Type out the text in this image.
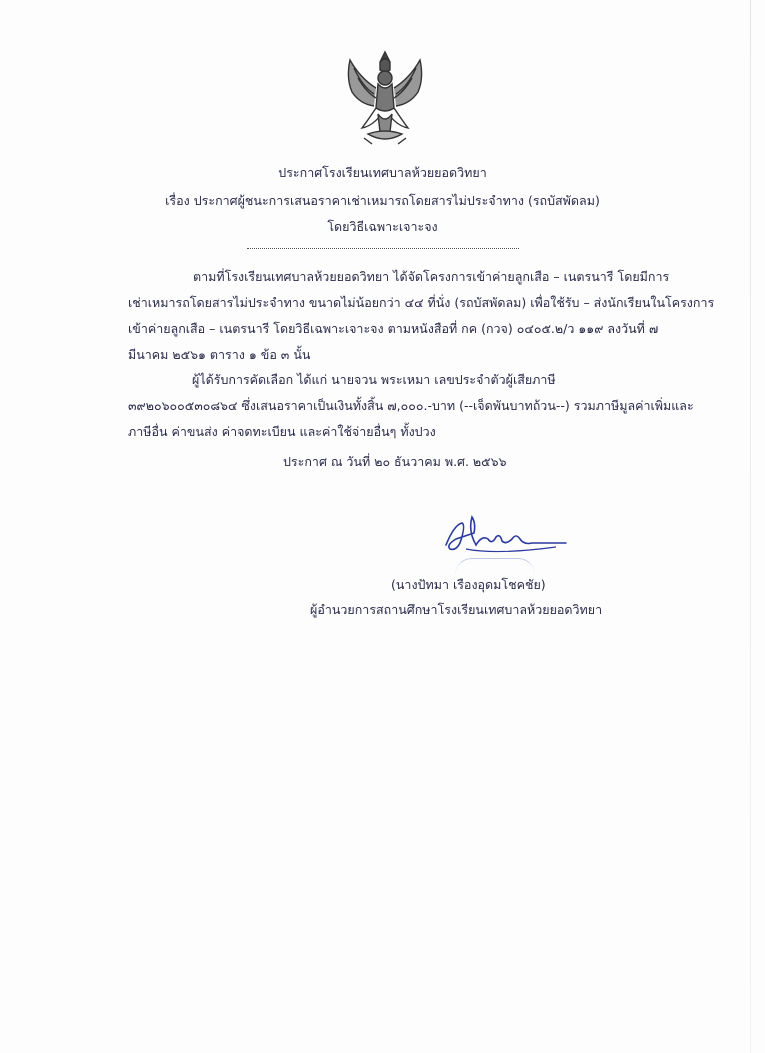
ประกาศโรงเรียนเทศบาลห้วยยอดวิทยา
เรื่อง ประกาศผู้ชนะการเสนอราคาเช่าเหมารถโดยสารไม่ประจำทาง (รถบัสพัดลม)
โดยวิธีเฉพาะเจาะจง
ตามที่โรงเรียนเทศบาลห้วยยอดวิทยา ได้จัดโครงการเข้าค่ายลูกเสือ – เนตรนารี โดยมีการ
เช่าเหมารถโดยสารไม่ประจำทาง ขนาดไม่น้อยกว่า ๔๔ ที่นั่ง (รถบัสพัดลม) เพื่อใช้รับ – ส่งนักเรียนในโครงการ
เข้าค่ายลูกเสือ – เนตรนารี โดยวิธีเฉพาะเจาะจง ตามหนังสือที่ กค (กวจ) ๐๔๐๕.๒/ว ๑๑๙ ลงวันที่ ๗
มีนาคม ๒๕๖๑ ตาราง ๑ ข้อ ๓ นั้น
ผู้ได้รับการคัดเลือก ได้แก่ นายจวน พระเหมา เลขประจำตัวผู้เสียภาษี
๓๙๒๐๖๐๐๕๓๐๘๖๔ ซึ่งเสนอราคาเป็นเงินทั้งสิ้น ๗,๐๐๐.-บาท (--เจ็ดพันบาทถ้วน--) รวมภาษีมูลค่าเพิ่มและ
ภาษีอื่น ค่าขนส่ง ค่าจดทะเบียน และค่าใช้จ่ายอื่นๆ ทั้งปวง
ประกาศ ณ วันที่ ๒๐ ธันวาคม พ.ศ. ๒๕๖๖
(นางปัทมา เรืองอุดมโชคชัย)
ผู้อำนวยการสถานศึกษาโรงเรียนเทศบาลห้วยยอดวิทยา
